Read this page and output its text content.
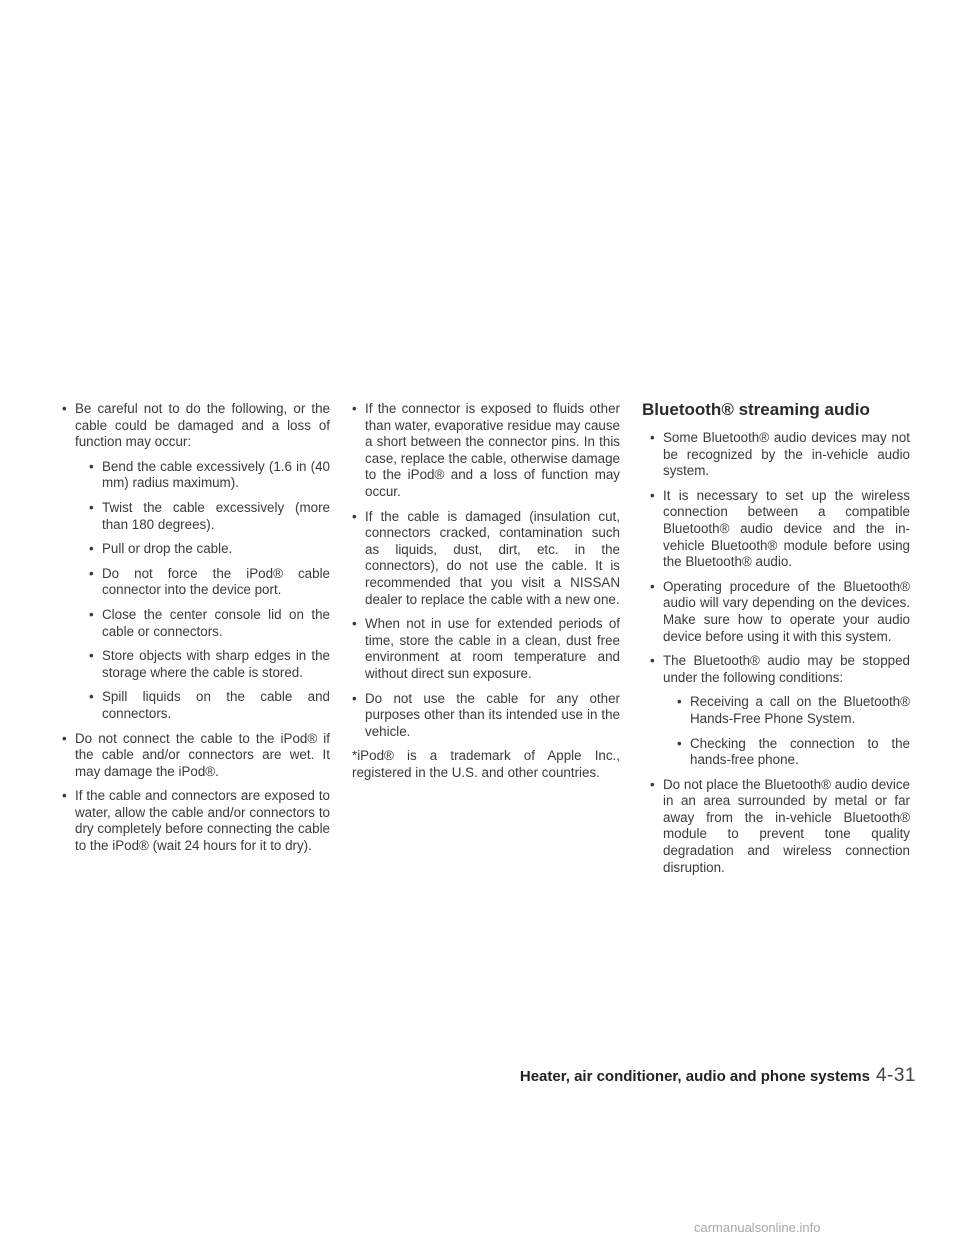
• Be careful not to do the following, or the cable could be damaged and a loss of function may occur:
• Bend the cable excessively (1.6 in (40 mm) radius maximum).
• Twist the cable excessively (more than 180 degrees).
• Pull or drop the cable.
• Do not force the iPod® cable connector into the device port.
• Close the center console lid on the cable or connectors.
• Store objects with sharp edges in the storage where the cable is stored.
• Spill liquids on the cable and connectors.
• Do not connect the cable to the iPod® if the cable and/or connectors are wet. It may damage the iPod®.
• If the cable and connectors are exposed to water, allow the cable and/or connectors to dry completely before connecting the cable to the iPod® (wait 24 hours for it to dry).
• If the connector is exposed to fluids other than water, evaporative residue may cause a short between the connector pins. In this case, replace the cable, otherwise damage to the iPod® and a loss of function may occur.
• If the cable is damaged (insulation cut, connectors cracked, contamination such as liquids, dust, dirt, etc. in the connectors), do not use the cable. It is recommended that you visit a NISSAN dealer to replace the cable with a new one.
• When not in use for extended periods of time, store the cable in a clean, dust free environment at room temperature and without direct sun exposure.
• Do not use the cable for any other purposes other than its intended use in the vehicle.

*iPod® is a trademark of Apple Inc., registered in the U.S. and other countries.

Bluetooth® streaming audio
• Some Bluetooth® audio devices may not be recognized by the in-vehicle audio system.
• It is necessary to set up the wireless connection between a compatible Bluetooth® audio device and the in-vehicle Bluetooth® module before using the Bluetooth® audio.
• Operating procedure of the Bluetooth® audio will vary depending on the devices. Make sure how to operate your audio device before using it with this system.
• The Bluetooth® audio may be stopped under the following conditions:
• Receiving a call on the Bluetooth® Hands-Free Phone System.
• Checking the connection to the hands-free phone.
• Do not place the Bluetooth® audio device in an area surrounded by metal or far away from the in-vehicle Bluetooth® module to prevent tone quality degradation and wireless connection disruption.
Heater, air conditioner, audio and phone systems 4-31
carmanualsonline.info
